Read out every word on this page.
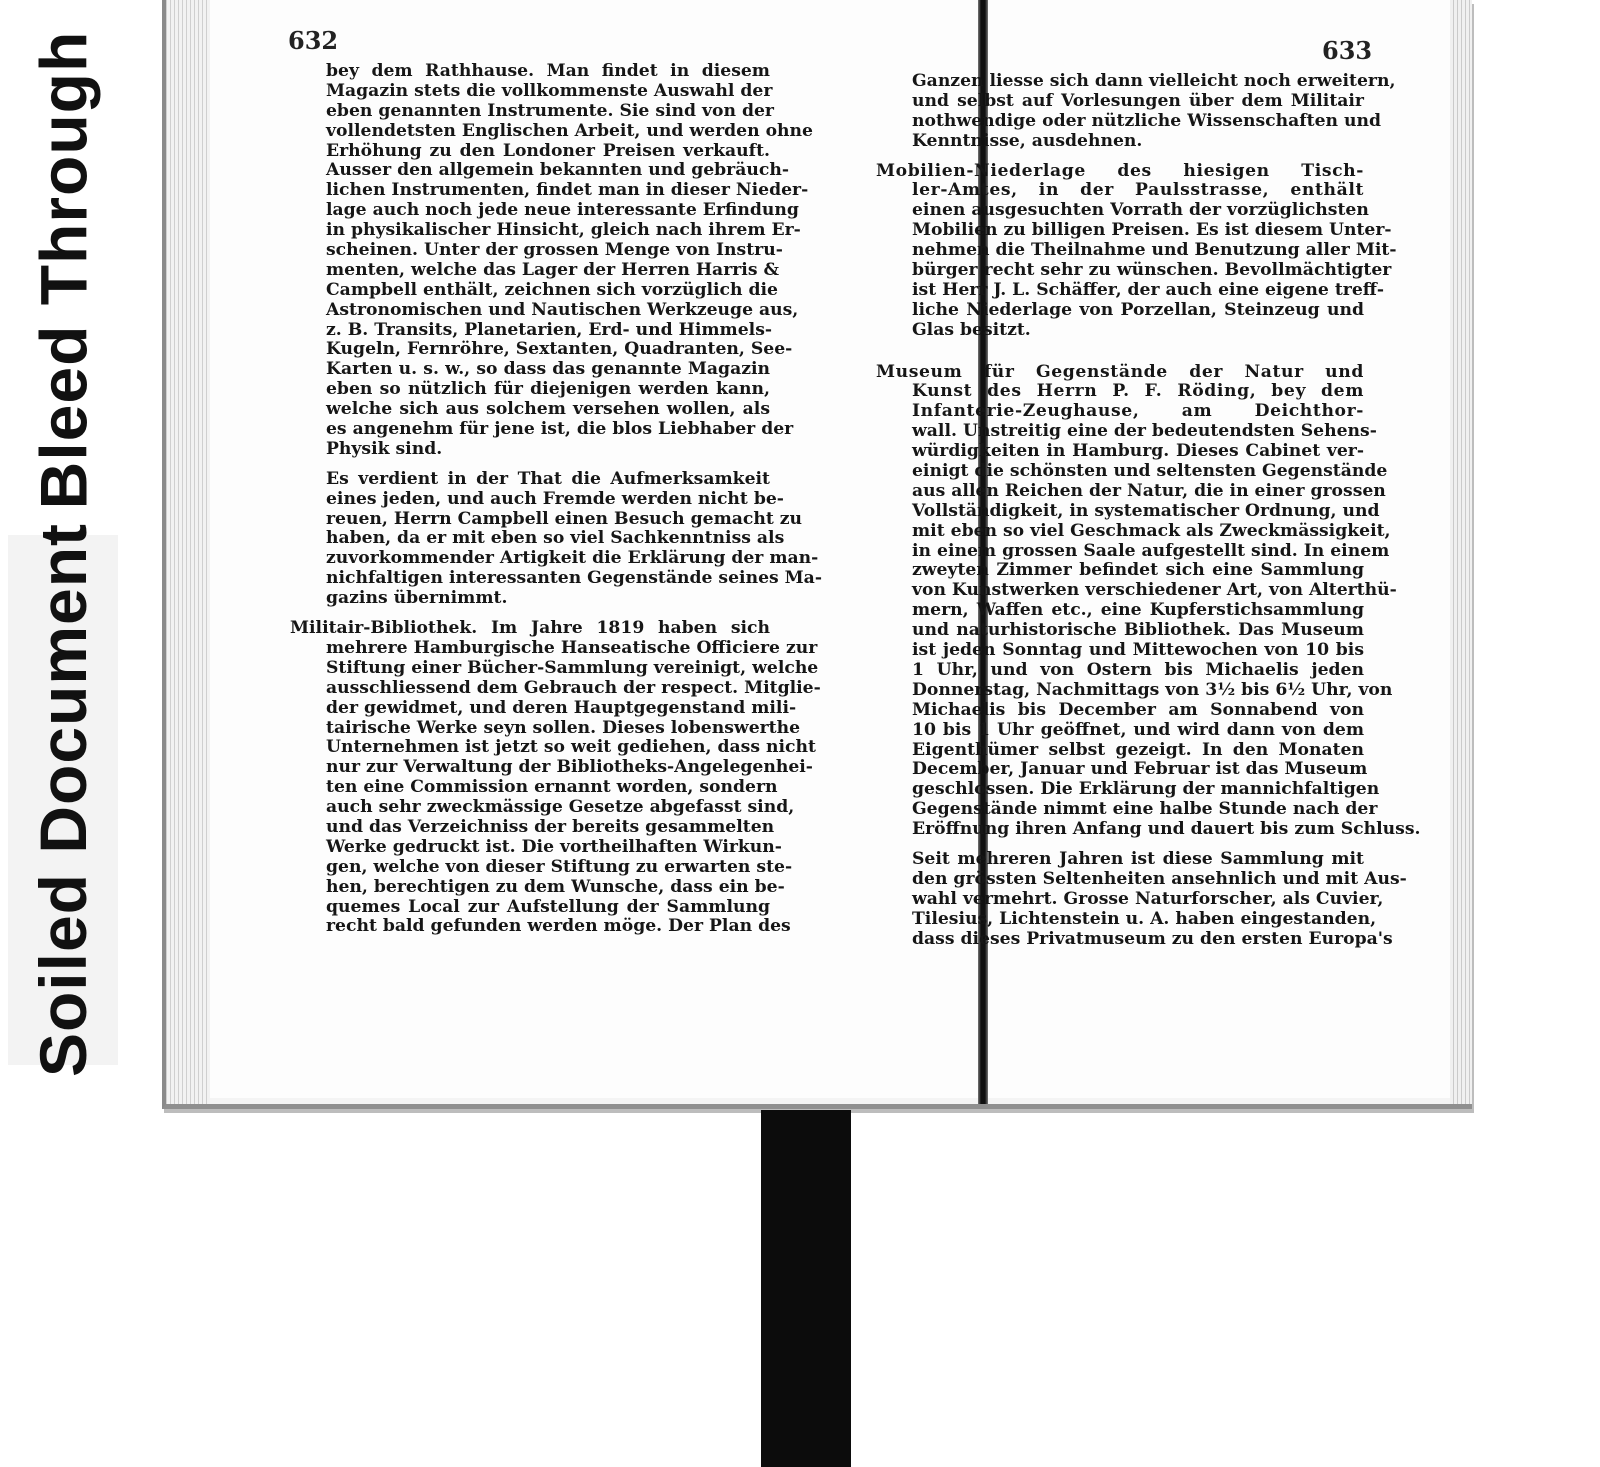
Bleed Through
Soiled Document
632	633
bey dem Rathhause. Man findet in diesem
Magazin stets die vollkommenste Auswahl der
eben genannten Instrumente. Sie sind von der
vollendetsten Englischen Arbeit, und werden ohne
Erhöhung zu den Londoner Preisen verkauft.
Ausser den allgemein bekannten und gebräuch-
lichen Instrumenten, findet man in dieser Nieder-
lage auch noch jede neue interessante Erfindung
in physikalischer Hinsicht, gleich nach ihrem Er-
scheinen. Unter der grossen Menge von Instru-
menten, welche das Lager der Herren Harris &
Campbell enthält, zeichnen sich vorzüglich die
Astronomischen und Nautischen Werkzeuge aus,
z. B. Transits, Planetarien, Erd- und Himmels-
Kugeln, Fernröhre, Sextanten, Quadranten, See-
Karten u. s. w., so dass das genannte Magazin
eben so nützlich für diejenigen werden kann,
welche sich aus solchem versehen wollen, als
es angenehm für jene ist, die blos Liebhaber der
Physik sind.
Es verdient in der That die Aufmerksamkeit
eines jeden, und auch Fremde werden nicht be-
reuen, Herrn Campbell einen Besuch gemacht zu
haben, da er mit eben so viel Sachkenntniss als
zuvorkommender Artigkeit die Erklärung der man-
nichfaltigen interessanten Gegenstände seines Ma-
gazins übernimmt.
Militair-Bibliothek. Im Jahre 1819 haben sich
mehrere Hamburgische Hanseatische Officiere zur
Stiftung einer Bücher-Sammlung vereinigt, welche
ausschliessend dem Gebrauch der respect. Mitglie-
der gewidmet, und deren Hauptgegenstand mili-
tairische Werke seyn sollen. Dieses lobenswerthe
Unternehmen ist jetzt so weit gediehen, dass nicht
nur zur Verwaltung der Bibliotheks-Angelegenhei-
ten eine Commission ernannt worden, sondern
auch sehr zweckmässige Gesetze abgefasst sind,
und das Verzeichniss der bereits gesammelten
Werke gedruckt ist. Die vortheilhaften Wirkun-
gen, welche von dieser Stiftung zu erwarten ste-
hen, berechtigen zu dem Wunsche, dass ein be-
quemes Local zur Aufstellung der Sammlung
recht bald gefunden werden möge. Der Plan des
Ganzen liesse sich dann vielleicht noch erweitern,
und selbst auf Vorlesungen über dem Militair
nothwendige oder nützliche Wissenschaften und
Kenntnisse, ausdehnen.
Mobilien-Niederlage des hiesigen Tisch-
ler-Amtes, in der Paulsstrasse, enthält
einen ausgesuchten Vorrath der vorzüglichsten
Mobilien zu billigen Preisen. Es ist diesem Unter-
nehmen die Theilnahme und Benutzung aller Mit-
bürger recht sehr zu wünschen. Bevollmächtigter
ist Herr J. L. Schäffer, der auch eine eigene treff-
liche Niederlage von Porzellan, Steinzeug und
Glas besitzt.
Museum für Gegenstände der Natur und
Kunst des Herrn P. F. Röding, bey dem
Infanterie-Zeughause, am Deichthor-
wall. Unstreitig eine der bedeutendsten Sehens-
würdigkeiten in Hamburg. Dieses Cabinet ver-
einigt die schönsten und seltensten Gegenstände
aus allen Reichen der Natur, die in einer grossen
Vollständigkeit, in systematischer Ordnung, und
mit eben so viel Geschmack als Zweckmässigkeit,
in einem grossen Saale aufgestellt sind. In einem
zweyten Zimmer befindet sich eine Sammlung
von Kunstwerken verschiedener Art, von Alterthü-
mern, Waffen etc., eine Kupferstichsammlung
und naturhistorische Bibliothek. Das Museum
ist jeden Sonntag und Mittewochen von 10 bis
1 Uhr, und von Ostern bis Michaelis jeden
Donnerstag, Nachmittags von 3½ bis 6½ Uhr, von
Michaelis bis December am Sonnabend von
10 bis 1 Uhr geöffnet, und wird dann von dem
Eigenthümer selbst gezeigt. In den Monaten
December, Januar und Februar ist das Museum
geschlossen. Die Erklärung der mannichfaltigen
Gegenstände nimmt eine halbe Stunde nach der
Eröffnung ihren Anfang und dauert bis zum Schluss.
Seit mehreren Jahren ist diese Sammlung mit
den grössten Seltenheiten ansehnlich und mit Aus-
wahl vermehrt. Grosse Naturforscher, als Cuvier,
Tilesius, Lichtenstein u. A. haben eingestanden,
dass dieses Privatmuseum zu den ersten Europa's
